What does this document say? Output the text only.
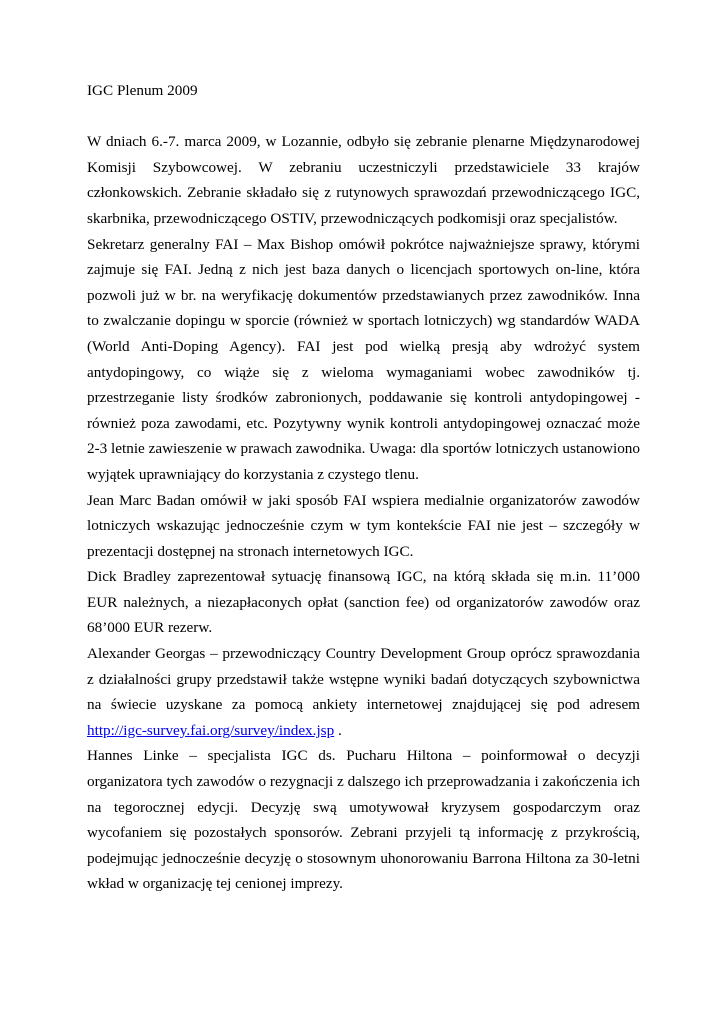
IGC Plenum 2009

W dniach 6.-7. marca 2009, w Lozannie, odbyło się zebranie plenarne Międzynarodowej Komisji Szybowcowej. W zebraniu uczestniczyli przedstawiciele 33 krajów członkowskich. Zebranie składało się z rutynowych sprawozdań przewodniczącego IGC, skarbnika, przewodniczącego OSTIV, przewodniczących podkomisji oraz specjalistów.

Sekretarz generalny FAI – Max Bishop omówił pokrótce najważniejsze sprawy, którymi zajmuje się FAI. Jedną z nich jest baza danych o licencjach sportowych on-line, która pozwoli już w br. na weryfikację dokumentów przedstawianych przez zawodników. Inna to zwalczanie dopingu w sporcie (również w sportach lotniczych) wg standardów WADA (World Anti-Doping Agency). FAI jest pod wielką presją aby wdrożyć system antydopingowy, co wiąże się z wieloma wymaganiami wobec zawodników tj. przestrzeganie listy środków zabronionych, poddawanie się kontroli antydopingowej - również poza zawodami, etc. Pozytywny wynik kontroli antydopingowej oznaczać może 2-3 letnie zawieszenie w prawach zawodnika. Uwaga: dla sportów lotniczych ustanowiono wyjątek uprawniający do korzystania z czystego tlenu.

Jean Marc Badan omówił w jaki sposób FAI wspiera medialnie organizatorów zawodów lotniczych wskazując jednocześnie czym w tym kontekście FAI nie jest – szczegóły w prezentacji dostępnej na stronach internetowych IGC.

Dick Bradley zaprezentował sytuację finansową IGC, na którą składa się m.in. 11’000 EUR należnych, a niezapłaconych opłat (sanction fee) od organizatorów zawodów oraz 68’000 EUR rezerw.

Alexander Georgas – przewodniczący Country Development Group oprócz sprawozdania z działalności grupy przedstawił także wstępne wyniki badań dotyczących szybownictwa na świecie uzyskane za pomocą ankiety internetowej znajdującej się pod adresem http://igc-survey.fai.org/survey/index.jsp .

Hannes Linke – specjalista IGC ds. Pucharu Hiltona – poinformował o decyzji organizatora tych zawodów o rezygnacji z dalszego ich przeprowadzania i zakończenia ich na tegorocznej edycji. Decyzję swą umotywował kryzysem gospodarczym oraz wycofaniem się pozostałych sponsorów. Zebrani przyjeli tą informację z przykrością, podejmując jednocześnie decyzję o stosownym uhonorowaniu Barrona Hiltona za 30-letni wkład w organizację tej cenionej imprezy.
